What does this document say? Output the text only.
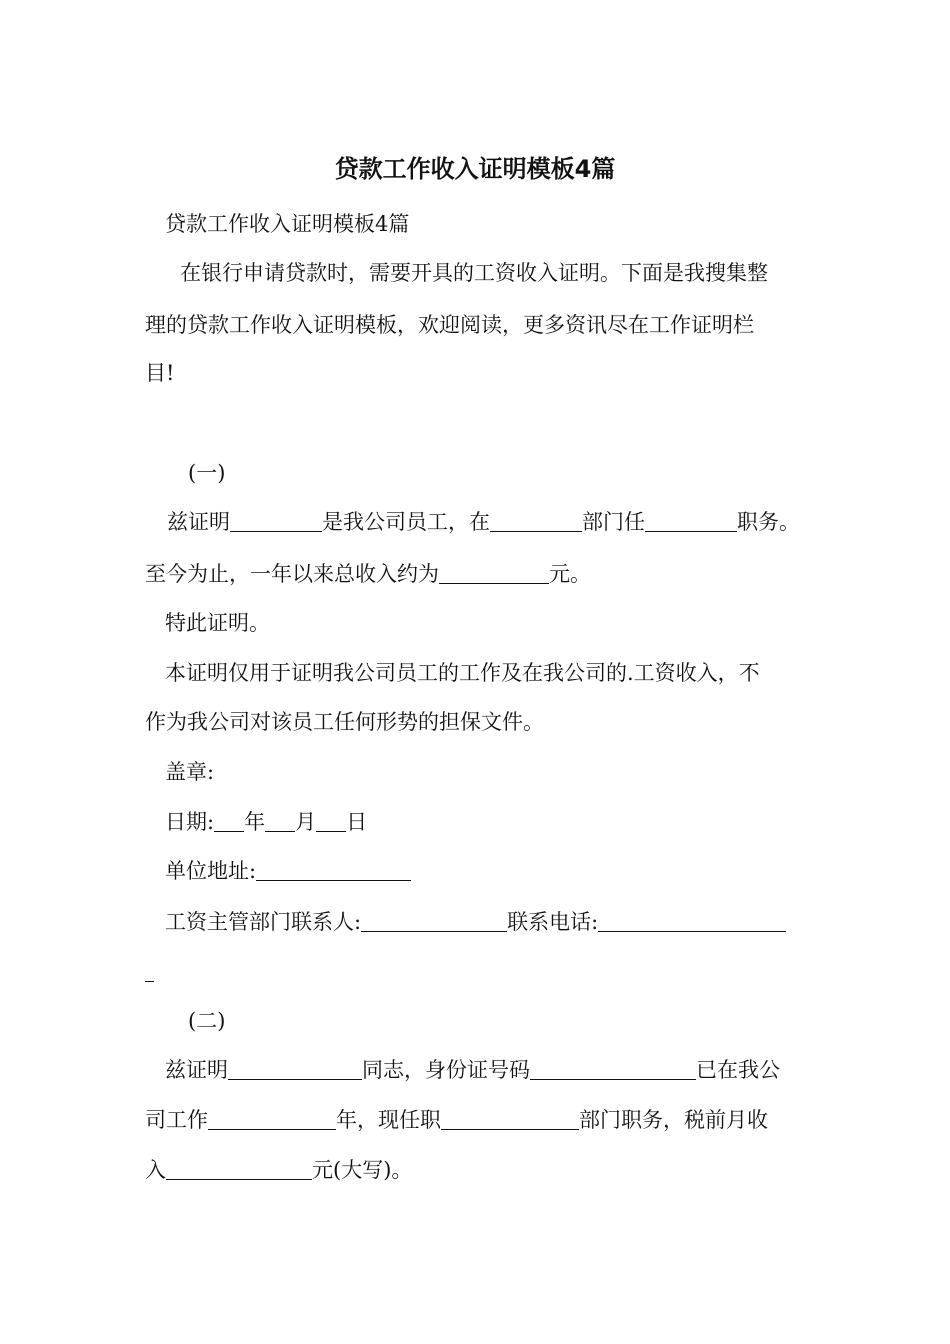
贷款工作收入证明模板4篇
贷款工作收入证明模板4篇
在银行申请贷款时，需要开具的工资收入证明。下面是我搜集整
理的贷款工作收入证明模板，欢迎阅读，更多资讯尽在工作证明栏
目!
(一)
兹证明	是我公司员工，在	部门任	职务。
至今为止，一年以来总收入约为	元。
特此证明。
本证明仅用于证明我公司员工的工作及在我公司的.工资收入，不
作为我公司对该员工任何形势的担保文件。
盖章:
日期: 年 月 日
单位地址:
工资主管部门联系人:	联系电话:
(二)
兹证明	同志，身份证号码	已在我公
司工作	年，现任职	部门职务，税前月收
入	元(大写)。
